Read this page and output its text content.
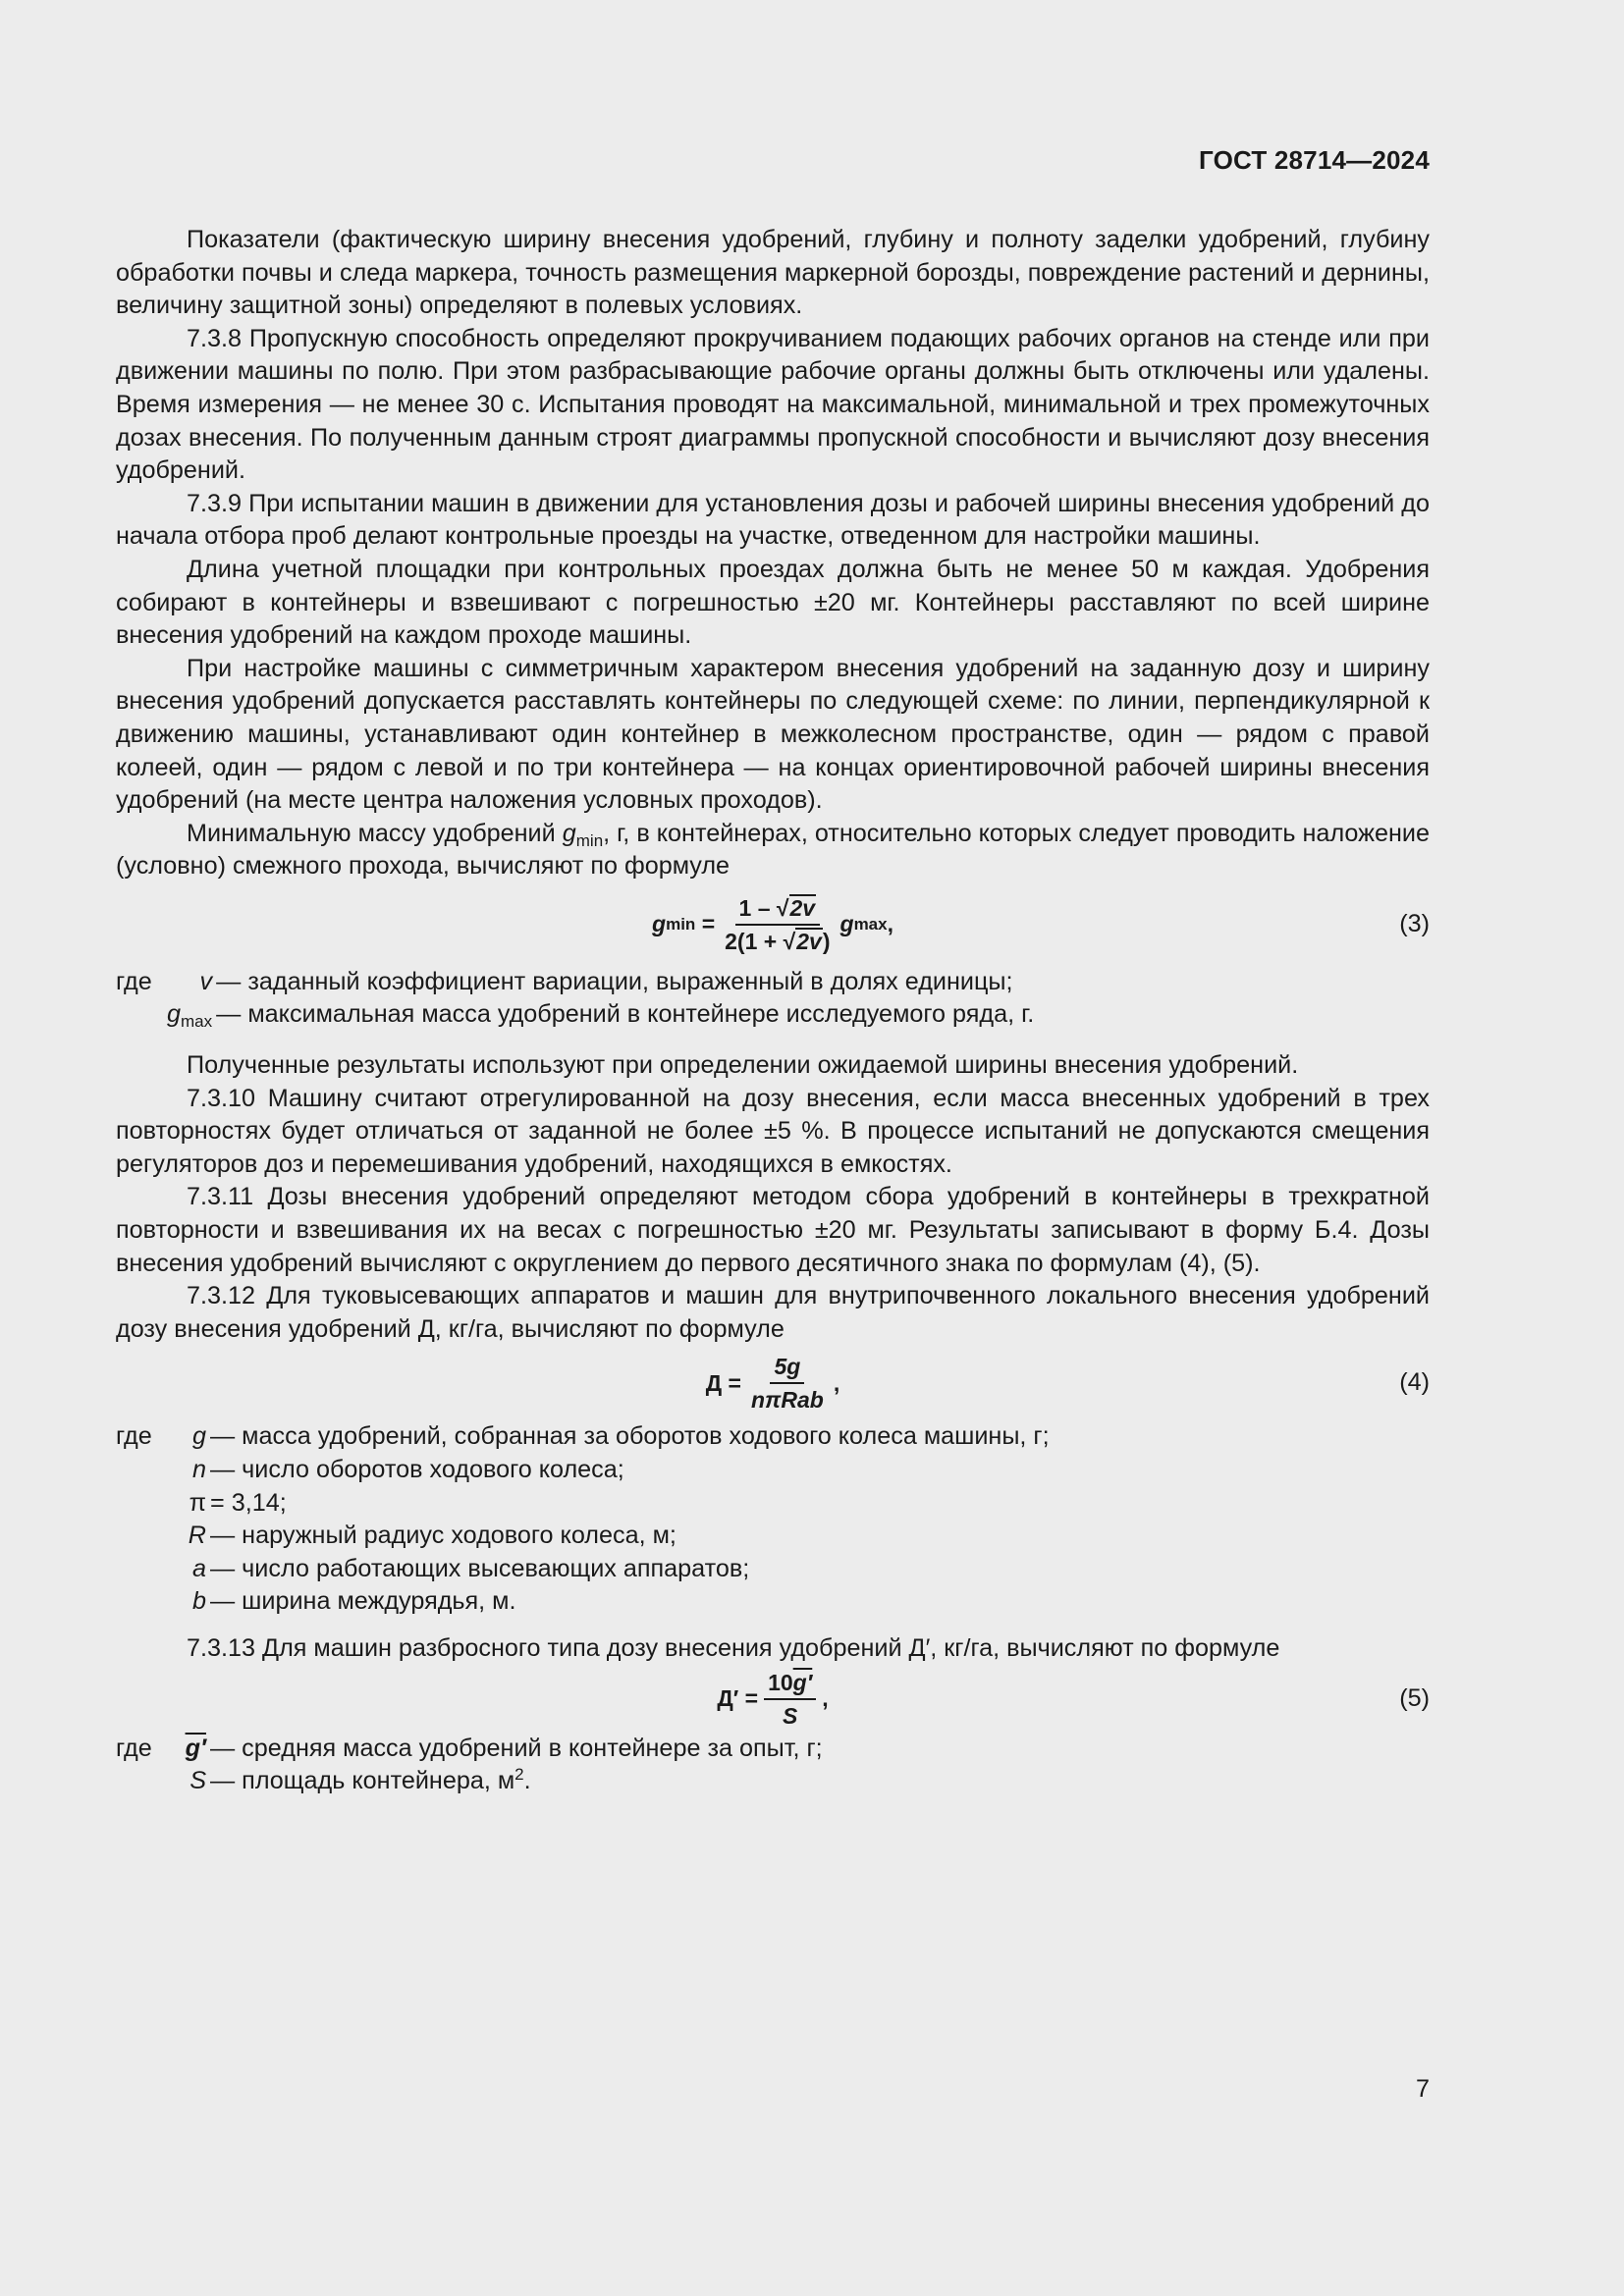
ГОСТ 28714—2024

Показатели (фактическую ширину внесения удобрений, глубину и полноту заделки удобрений, глубину обработки почвы и следа маркера, точность размещения маркерной борозды, повреждение растений и дернины, величину защитной зоны) определяют в полевых условиях.

7.3.8 Пропускную способность определяют прокручиванием подающих рабочих органов на стенде или при движении машины по полю. При этом разбрасывающие рабочие органы должны быть отключены или удалены. Время измерения — не менее 30 с. Испытания проводят на максимальной, минимальной и трех промежуточных дозах внесения. По полученным данным строят диаграммы пропускной способности и вычисляют дозу внесения удобрений.

7.3.9 При испытании машин в движении для установления дозы и рабочей ширины внесения удобрений до начала отбора проб делают контрольные проезды на участке, отведенном для настройки машины.

Длина учетной площадки при контрольных проездах должна быть не менее 50 м каждая. Удобрения собирают в контейнеры и взвешивают с погрешностью ±20 мг. Контейнеры расставляют по всей ширине внесения удобрений на каждом проходе машины.

При настройке машины с симметричным характером внесения удобрений на заданную дозу и ширину внесения удобрений допускается расставлять контейнеры по следующей схеме: по линии, перпендикулярной к движению машины, устанавливают один контейнер в межколесном пространстве, один — рядом с правой колеей, один — рядом с левой и по три контейнера — на концах ориентировочной рабочей ширины внесения удобрений (на месте центра наложения условных проходов).

Минимальную массу удобрений $g_{min}$, г, в контейнерах, относительно которых следует проводить наложение (условно) смежного прохода, вычисляют по формуле

g $\min = \frac{1 - √ 2v}{2(1 + √ 2v )}$ g max ,	(3)
где	v	— заданный коэффициент вариации, выраженный в долях единицы;
	$g_{max}$	— максимальная масса удобрений в контейнере исследуемого ряда, г.

Полученные результаты используют при определении ожидаемой ширины внесения удобрений.

7.3.10 Машину считают отрегулированной на дозу внесения, если масса внесенных удобрений в трех повторностях будет отличаться от заданной не более ±5 %. В процессе испытаний не допускаются смещения регуляторов доз и перемешивания удобрений, находящихся в емкостях.

7.3.11 Дозы внесения удобрений определяют методом сбора удобрений в контейнеры в трехкратной повторности и взвешивания их на весах с погрешностью ±20 мг. Результаты записывают в форму Б.4. Дозы внесения удобрений вычисляют с округлением до первого десятичного знака по формулам (4), (5).

7.3.12 Для туковысевающих аппаратов и машин для внутрипочвенного локального внесения удобрений дозу внесения удобрений Д, кг/га, вычисляют по формуле

$Д = \frac{5g}{\text{nπRab}}$ ,	(4)
где	g	— масса удобрений, собранная за оборотов ходового колеса машины, г;
	n	— число оборотов ходового колеса;
	π	= 3,14;
	R	— наружный радиус ходового колеса, м;
	a	— число работающих высевающих аппаратов;
	b	— ширина междурядья, м.

7.3.13 Для машин разбросного типа дозу внесения удобрений Д′, кг/га, вычисляют по формуле

$Д' = \frac{10g'}{S}$ ,	(5)
где	g′	— средняя масса удобрений в контейнере за опыт, г;
	S	— площадь контейнера, $м^2$.
7
